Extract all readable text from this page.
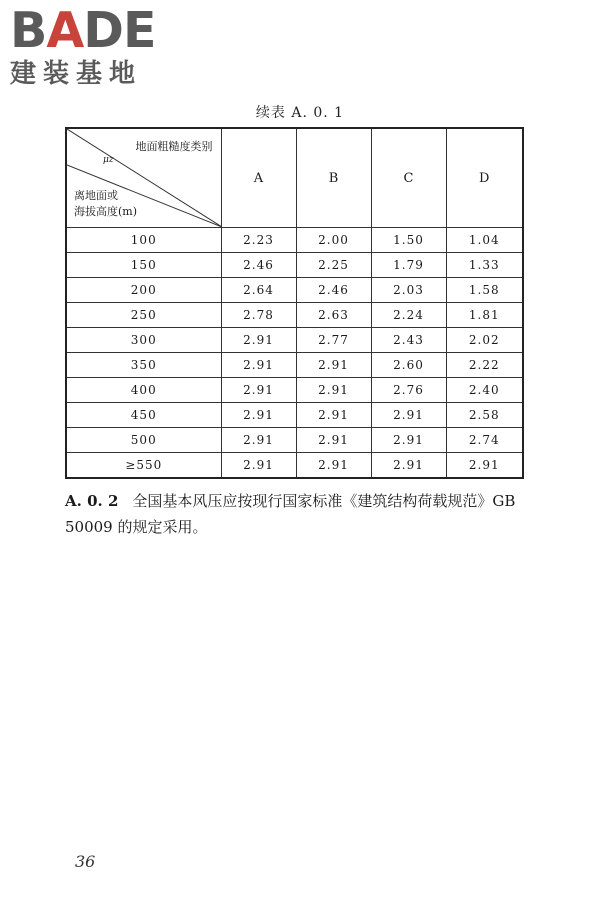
BADE
建装基地
续表 A. 0. 1
地面粗糙度类别
μz
离地面或
海拔高度(m)	A	B	C	D
100	2.23	2.00	1.50	1.04
150	2.46	2.25	1.79	1.33
200	2.64	2.46	2.03	1.58
250	2.78	2.63	2.24	1.81
300	2.91	2.77	2.43	2.02
350	2.91	2.91	2.60	2.22
400	2.91	2.91	2.76	2.40
450	2.91	2.91	2.91	2.58
500	2.91	2.91	2.91	2.74
≥550	2.91	2.91	2.91	2.91
A. 0. 2 全国基本风压应按现行国家标准《建筑结构荷载规范》GB 50009 的规定采用。
36
